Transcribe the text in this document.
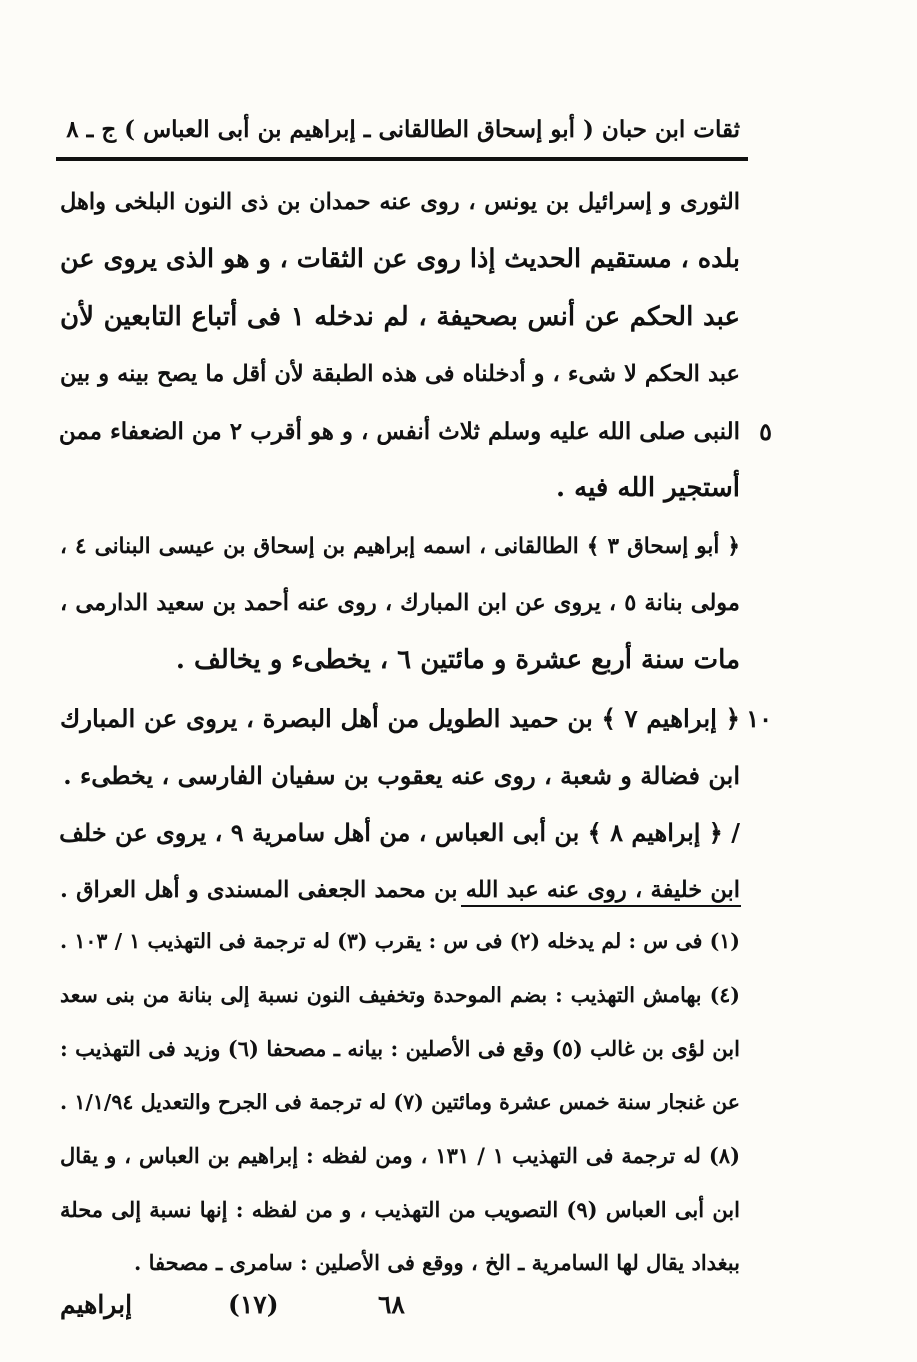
ثقات ابن حبان ( أبو إسحاق الطالقانى ـ إبراهيم بن أبى العباس ) ج ـ ٨
الثورى و إسرائيل بن يونس ، روى عنه حمدان بن ذى النون البلخى واهل
بلده ، مستقيم الحديث إذا روى عن الثقات ، و هو الذى يروى عن
عبد الحكم عن أنس بصحيفة ، لم ندخله ١ فى أتباع التابعين لأن
عبد الحكم لا شىء ، و أدخلناه فى هذه الطبقة لأن أقل ما يصح بينه و بين
٥
النبى صلى الله عليه وسلم ثلاث أنفس ، و هو أقرب ٢ من الضعفاء ممن
أستجير الله فيه .
﴿ أبو إسحاق ٣ ﴾ الطالقانى ، اسمه إبراهيم بن إسحاق بن عيسى البنانى ٤ ،
مولى بنانة ٥ ، يروى عن ابن المبارك ، روى عنه أحمد بن سعيد الدارمى ،
مات سنة أربع عشرة و مائتين ٦ ، يخطىء و يخالف .
١٠
﴿ إبراهيم ٧ ﴾ بن حميد الطويل من أهل البصرة ، يروى عن المبارك
ابن فضالة و شعبة ، روى عنه يعقوب بن سفيان الفارسى ، يخطىء .
/ ﴿ إبراهيم ٨ ﴾ بن أبى العباس ، من أهل سامرية ٩ ، يروى عن خلف
ابن خليفة ، روى عنه عبد الله بن محمد الجعفى المسندى و أهل العراق .
(١) فى س : لم يدخله (٢) فى س : يقرب (٣) له ترجمة فى التهذيب ١ / ١٠٣ .
(٤) بهامش التهذيب : بضم الموحدة وتخفيف النون نسبة إلى بنانة من بنى سعد
ابن لؤى بن غالب (٥) وقع فى الأصلين : بيانه ـ مصحفا (٦) وزيد فى التهذيب :
عن غنجار سنة خمس عشرة ومائتين (٧) له ترجمة فى الجرح والتعديل ١/١/٩٤ .
(٨) له ترجمة فى التهذيب ١ / ١٣١ ، ومن لفظه : إبراهيم بن العباس ، و يقال
ابن أبى العباس (٩) التصويب من التهذيب ، و من لفظه : إنها نسبة إلى محلة
ببغداد يقال لها السامرية ـ الخ ، ووقع فى الأصلين : سامرى ـ مصحفا .
إبراهيم	(١٧)	٦٨
